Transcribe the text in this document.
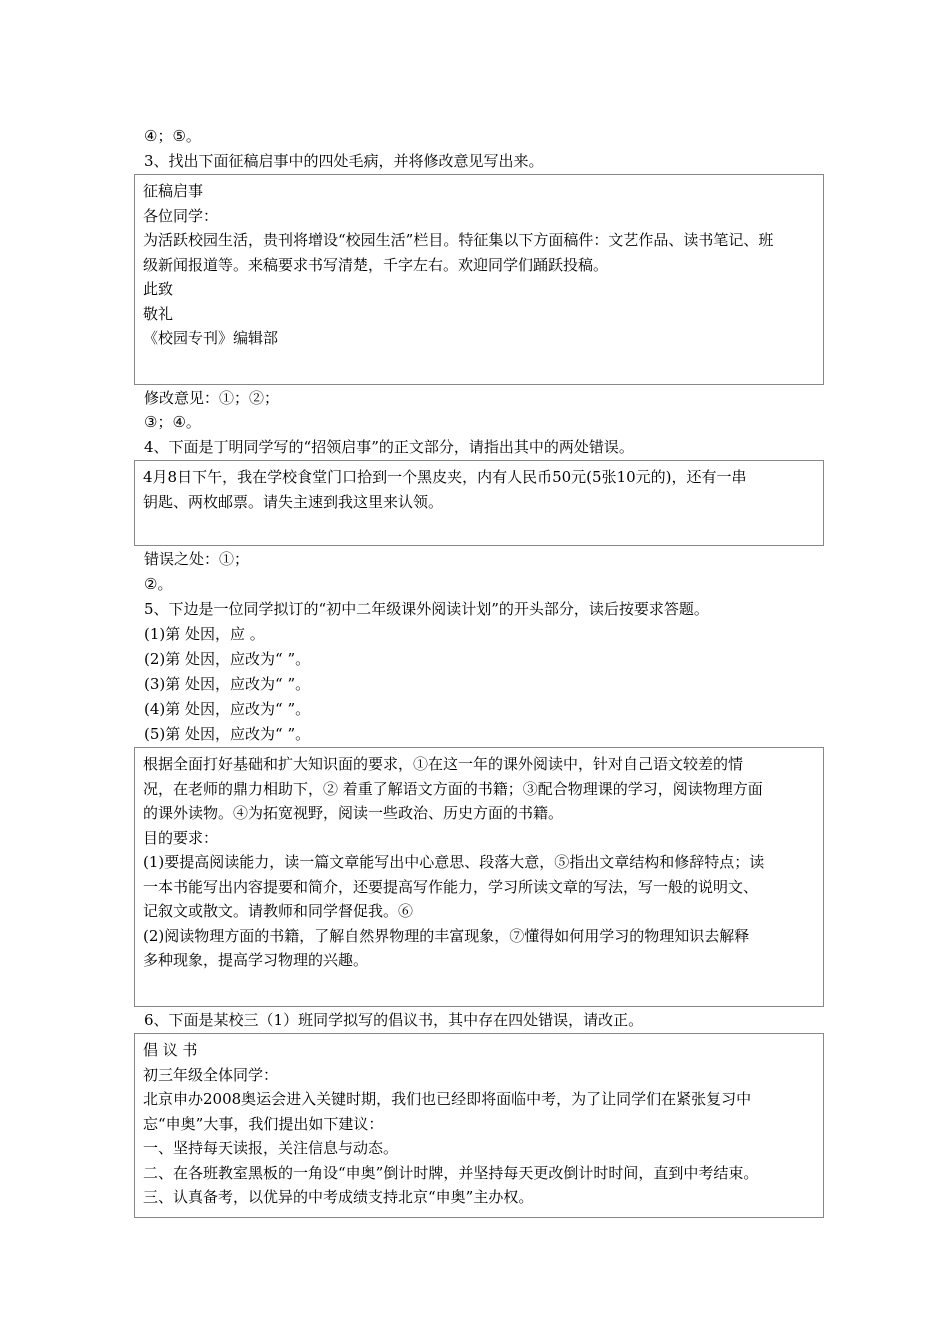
④；⑤。
3、找出下面征稿启事中的四处毛病，并将修改意见写出来。

征稿启事

各位同学：

为活跃校园生活，贵刊将增设“校园生活”栏目。特征集以下方面稿件：文艺作品、读书笔记、班

级新闻报道等。来稿要求书写清楚，千字左右。欢迎同学们踊跃投稿。

此致

敬礼

《校园专刊》编辑部

修改意见：①；②；
③；④。
4、下面是丁明同学写的“招领启事”的正文部分，请指出其中的两处错误。

4月8日下午，我在学校食堂门口拾到一个黑皮夹，内有人民币50元(5张10元的)，还有一串

钥匙、两枚邮票。请失主速到我这里来认领。

错误之处：①；
②。
5、下边是一位同学拟订的“初中二年级课外阅读计划”的开头部分，读后按要求答题。
(1)第 处因，应 。
(2)第 处因，应改为“ ”。
(3)第 处因，应改为“ ”。
(4)第 处因，应改为“ ”。
(5)第 处因，应改为“ ”。

根据全面打好基础和扩大知识面的要求，①在这一年的课外阅读中，针对自己语文较差的情

况，在老师的鼎力相助下，② 着重了解语文方面的书籍；③配合物理课的学习，阅读物理方面

的课外读物。④为拓宽视野，阅读一些政治、历史方面的书籍。

目的要求：

(1)要提高阅读能力，读一篇文章能写出中心意思、段落大意，⑤指出文章结构和修辞特点；读

一本书能写出内容提要和简介，还要提高写作能力，学习所读文章的写法，写一般的说明文、

记叙文或散文。请教师和同学督促我。⑥

(2)阅读物理方面的书籍，了解自然界物理的丰富现象，⑦懂得如何用学习的物理知识去解释

多种现象，提高学习物理的兴趣。

6、下面是某校三（1）班同学拟写的倡议书，其中存在四处错误，请改正。

倡 议 书

初三年级全体同学：

北京申办2008奥运会进入关键时期，我们也已经即将面临中考，为了让同学们在紧张复习中

忘“申奥”大事，我们提出如下建议：

一、坚持每天读报，关注信息与动态。

二、在各班教室黑板的一角设“申奥”倒计时牌，并坚持每天更改倒计时时间，直到中考结束。

三、认真备考，以优异的中考成绩支持北京“申奥”主办权。
